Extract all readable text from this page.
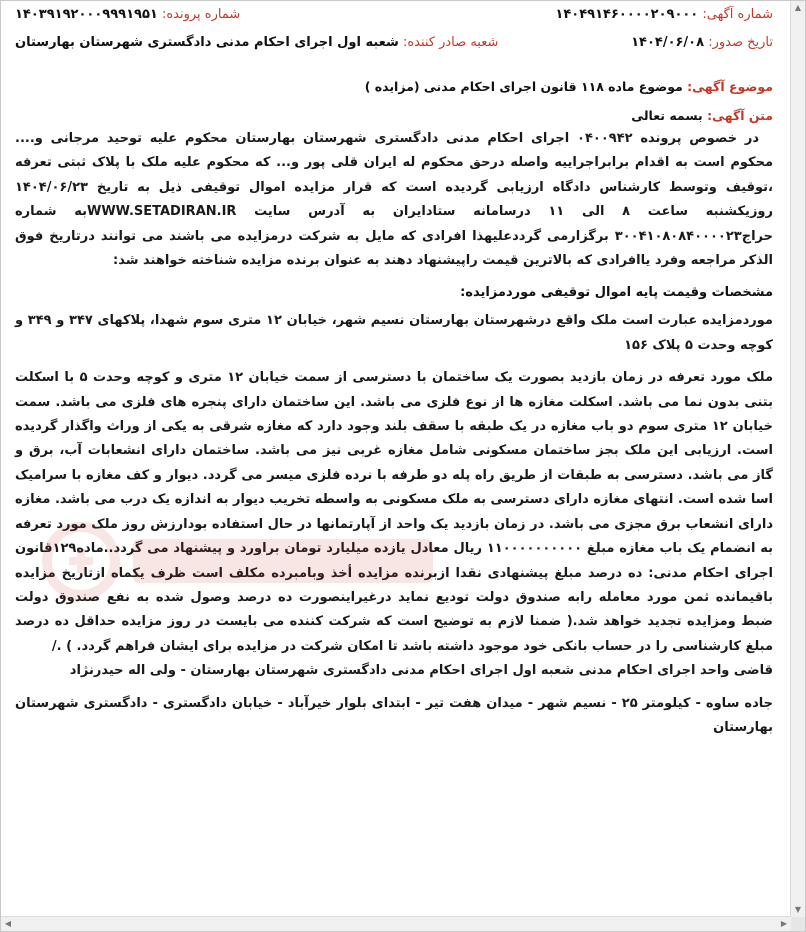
شماره آگهی: ۱۴۰۴۹۱۴۶۰۰۰۰۲۰۹۰۰۰
شماره پرونده: ۱۴۰۳۹۱۹۲۰۰۰۹۹۹۱۹۵۱
تاریخ صدور: ۱۴۰۴/۰۶/۰۸
شعبه صادر کننده: شعبه اول اجرای احکام مدنی دادگستری شهرستان بهارستان
موضوع آگهی: موضوع ماده ۱۱۸ قانون اجرای احکام مدنی (مزایده )
متن آگهی: بسمه تعالی

در خصوص پرونده ۰۴۰۰۹۴۲ اجرای احکام مدنی دادگستری شهرستان بهارستان محکوم علیه توحید مرجانی و.... محکوم است به اقدام برابراجراییه واصله درحق محکوم له ایران قلی پور و... که محکوم علیه ملک با پلاک ثبتی تعرفه ،توقیف وتوسط کارشناس دادگاه ارزیابی گردیده است که قرار مزایده اموال توقیفی ذیل به تاریخ ۱۴۰۴/۰۶/۲۳ روزیکشنبه ساعت ۸ الی ۱۱ درسامانه ستادایران به آدرس سایت WWW.SETADIRAN.IRبه شماره حراج۳۰۰۴۱۰۸۰۸۴۰۰۰۰۲۳ برگزارمی گرددعلیهذا افرادی که مایل به شرکت درمزایده می باشند می توانند درتاریخ فوق الذکر مراجعه وفرد یاافرادی که بالاترین قیمت راپیشنهاد دهند به عنوان برنده مزایده شناخته خواهند شد:

مشخصات وقیمت پایه اموال توقیفی موردمزایده:

موردمزایده عبارت است ملک واقع درشهرستان بهارستان نسیم شهر، خیابان ۱۲ متری سوم شهدا، پلاکهای ۳۴۷ و ۳۴۹ و کوچه وحدت ۵ پلاک ۱۵۶

ملک مورد تعرفه در زمان بازدید بصورت یک ساختمان با دسترسی از سمت خیابان ۱۲ متری و کوچه وحدت ۵ با اسکلت بتنی بدون نما می باشد. اسکلت مغازه ها از نوع فلزی می باشد. این ساختمان دارای پنجره های فلزی می باشد. سمت خیابان ۱۲ متری سوم دو باب مغازه در یک طبقه با سقف بلند وجود دارد که مغازه شرقی به یکی از وراث واگذار گردیده است. ارزیابی این ملک بجز ساختمان مسکونی شامل مغازه غربی نیز می باشد. ساختمان دارای انشعابات آب، برق و گاز می باشد. دسترسی به طبقات از طریق راه پله دو طرفه با نرده فلزی میسر می گردد. دیوار و کف مغازه با سرامیک اسا شده است. انتهای مغازه دارای دسترسی به ملک مسکونی به واسطه تخریب دیوار به اندازه یک درب می باشد. مغازه دارای انشعاب برق مجزی می باشد. در زمان بازدید یک واحد از آپارتمانها در حال استفاده بودارزش روز ملک مورد تعرفه به انضمام یک باب مغازه مبلغ ۱۱۰۰۰۰۰۰۰۰۰۰ ریال معادل یازده میلیارد تومان براورد و پیشنهاد می گردد..ماده۱۲۹قانون اجرای احکام مدنی: ده درصد مبلغ پیشنهادی نقدا ازبرنده مزایده أخذ وبامبرده مکلف است ظرف یکماه ازتاریخ مزایده باقیمانده ثمن مورد معامله رابه صندوق دولت تودیع نماید درغیراینصورت ده درصد وصول شده به نفع صندوق دولت ضبط ومزایده تجدید خواهد شد.( ضمنا لازم به توضیح است که شرکت کننده می بایست در روز مزایده حداقل ده درصد مبلغ کارشناسی را در حساب بانکی خود موجود داشته باشد تا امکان شرکت در مزایده برای ایشان فراهم گردد. ) ./

قاضی واحد اجرای احکام مدنی شعبه اول اجرای احکام مدنی دادگستری شهرستان بهارستان - ولی اله حیدرنژاد

جاده ساوه - کیلومتر ۲۵ - نسیم شهر - میدان هفت تیر - ابتدای بلوار خیرآباد - خیابان دادگستری - دادگستری شهرستان بهارستان

▲
▼
◀	▶
